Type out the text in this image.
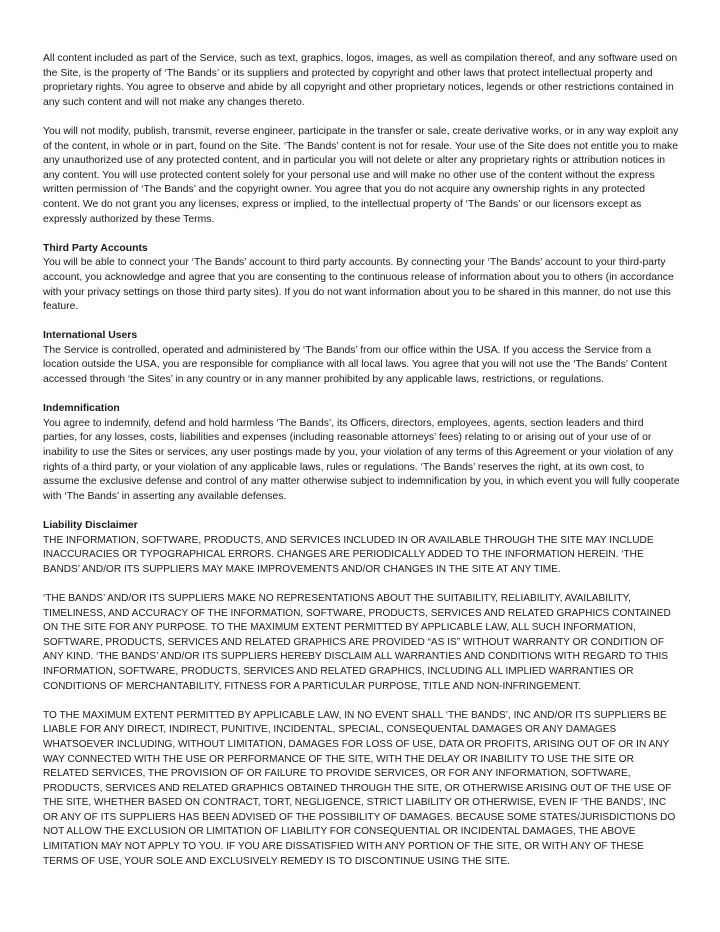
All content included as part of the Service, such as text, graphics, logos, images, as well as compilation thereof, and any software used on the Site, is the property of ‘The Bands’ or its suppliers and protected by copyright and other laws that protect intellectual property and proprietary rights. You agree to observe and abide by all copyright and other proprietary notices, legends or other restrictions contained in any such content and will not make any changes thereto.

You will not modify, publish, transmit, reverse engineer, participate in the transfer or sale, create derivative works, or in any way exploit any of the content, in whole or in part, found on the Site. ‘The Bands’ content is not for resale. Your use of the Site does not entitle you to make any unauthorized use of any protected content, and in particular you will not delete or alter any proprietary rights or attribution notices in any content. You will use protected content solely for your personal use and will make no other use of the content without the express written permission of ‘The Bands’ and the copyright owner. You agree that you do not acquire any ownership rights in any protected content. We do not grant you any licenses, express or implied, to the intellectual property of ‘The Bands’ or our licensors except as expressly authorized by these Terms.

Third Party Accounts

You will be able to connect your ‘The Bands’ account to third party accounts. By connecting your ‘The Bands’ account to your third-party account, you acknowledge and agree that you are consenting to the continuous release of information about you to others (in accordance with your privacy settings on those third party sites). If you do not want information about you to be shared in this manner, do not use this feature.

International Users

The Service is controlled, operated and administered by ‘The Bands’ from our office within the USA. If you access the Service from a location outside the USA, you are responsible for compliance with all local laws. You agree that you will not use the ‘The Bands’ Content accessed through ‘the Sites’ in any country or in any manner prohibited by any applicable laws, restrictions, or regulations.

Indemnification

You agree to indemnify, defend and hold harmless ‘The Bands’, its Officers, directors, employees, agents, section leaders and third parties, for any losses, costs, liabilities and expenses (including reasonable attorneys’ fees) relating to or arising out of your use of or inability to use the Sites or services, any user postings made by you, your violation of any terms of this Agreement or your violation of any rights of a third party, or your violation of any applicable laws, rules or regulations. ‘The Bands’ reserves the right, at its own cost, to assume the exclusive defense and control of any matter otherwise subject to indemnification by you, in which event you will fully cooperate with ‘The Bands’ in asserting any available defenses.

Liability Disclaimer

THE INFORMATION, SOFTWARE, PRODUCTS, AND SERVICES INCLUDED IN OR AVAILABLE THROUGH THE SITE MAY INCLUDE INACCURACIES OR TYPOGRAPHICAL ERRORS. CHANGES ARE PERIODICALLY ADDED TO THE INFORMATION HEREIN. ‘THE BANDS’ AND/OR ITS SUPPLIERS MAY MAKE IMPROVEMENTS AND/OR CHANGES IN THE SITE AT ANY TIME.

‘THE BANDS’ AND/OR ITS SUPPLIERS MAKE NO REPRESENTATIONS ABOUT THE SUITABILITY, RELIABILITY, AVAILABILITY, TIMELINESS, AND ACCURACY OF THE INFORMATION, SOFTWARE, PRODUCTS, SERVICES AND RELATED GRAPHICS CONTAINED ON THE SITE FOR ANY PURPOSE. TO THE MAXIMUM EXTENT PERMITTED BY APPLICABLE LAW, ALL SUCH INFORMATION, SOFTWARE, PRODUCTS, SERVICES AND RELATED GRAPHICS ARE PROVIDED “AS IS” WITHOUT WARRANTY OR CONDITION OF ANY KIND. ‘THE BANDS’ AND/OR ITS SUPPLIERS HEREBY DISCLAIM ALL WARRANTIES AND CONDITIONS WITH REGARD TO THIS INFORMATION, SOFTWARE, PRODUCTS, SERVICES AND RELATED GRAPHICS, INCLUDING ALL IMPLIED WARRANTIES OR CONDITIONS OF MERCHANTABILITY, FITNESS FOR A PARTICULAR PURPOSE, TITLE AND NON-INFRINGEMENT.

TO THE MAXIMUM EXTENT PERMITTED BY APPLICABLE LAW, IN NO EVENT SHALL ‘THE BANDS’, INC AND/OR ITS SUPPLIERS BE LIABLE FOR ANY DIRECT, INDIRECT, PUNITIVE, INCIDENTAL, SPECIAL, CONSEQUENTAL DAMAGES OR ANY DAMAGES WHATSOEVER INCLUDING, WITHOUT LIMITATION, DAMAGES FOR LOSS OF USE, DATA OR PROFITS, ARISING OUT OF OR IN ANY WAY CONNECTED WITH THE USE OR PERFORMANCE OF THE SITE, WITH THE DELAY OR INABILITY TO USE THE SITE OR RELATED SERVICES, THE PROVISION OF OR FAILURE TO PROVIDE SERVICES, OR FOR ANY INFORMATION, SOFTWARE, PRODUCTS, SERVICES AND RELATED GRAPHICS OBTAINED THROUGH THE SITE, OR OTHERWISE ARISING OUT OF THE USE OF THE SITE, WHETHER BASED ON CONTRACT, TORT, NEGLIGENCE, STRICT LIABILITY OR OTHERWISE, EVEN IF ‘THE BANDS’, INC OR ANY OF ITS SUPPLIERS HAS BEEN ADVISED OF THE POSSIBILITY OF DAMAGES. BECAUSE SOME STATES/JURISDICTIONS DO NOT ALLOW THE EXCLUSION OR LIMITATION OF LIABILITY FOR CONSEQUENTIAL OR INCIDENTAL DAMAGES, THE ABOVE LIMITATION MAY NOT APPLY TO YOU. IF YOU ARE DISSATISFIED WITH ANY PORTION OF THE SITE, OR WITH ANY OF THESE TERMS OF USE, YOUR SOLE AND EXCLUSIVELY REMEDY IS TO DISCONTINUE USING THE SITE.
